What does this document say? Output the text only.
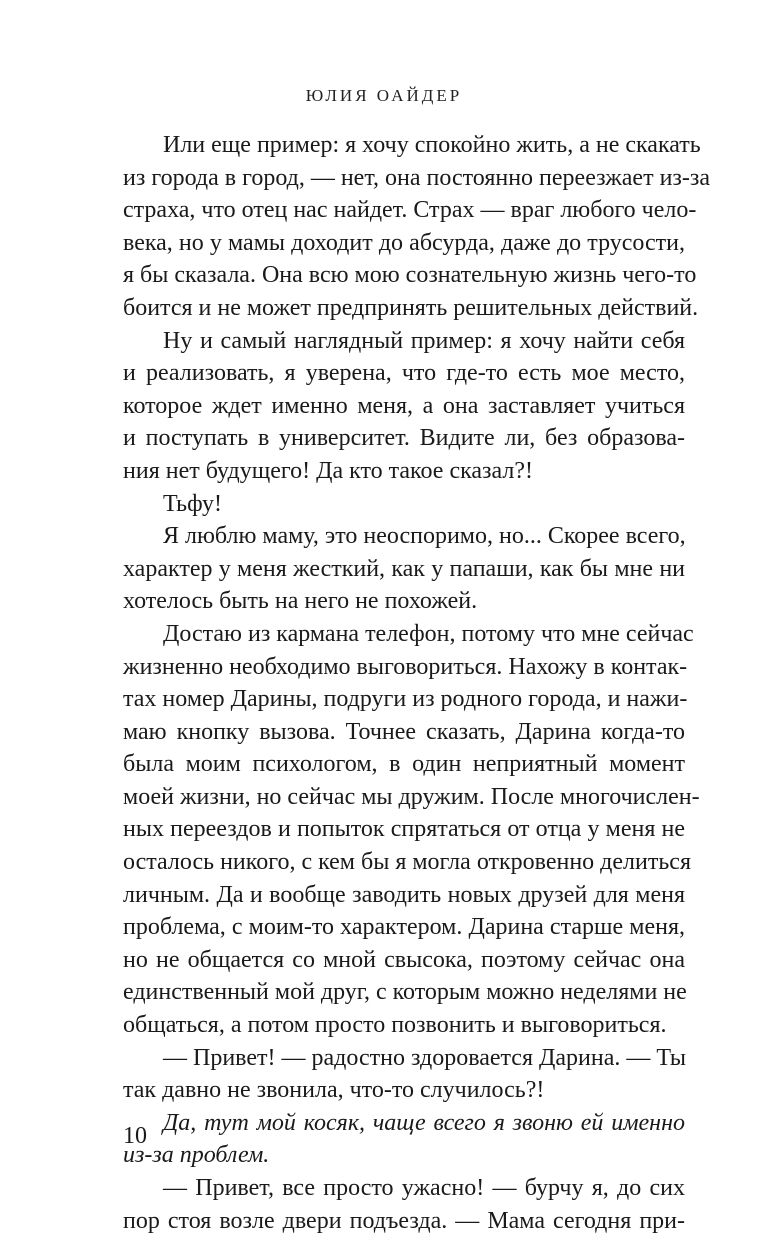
ЮЛИЯ ОАЙДЕР
Или еще пример: я хочу спокойно жить, а не скакать
из города в город, — нет, она постоянно переезжает из-за
страха, что отец нас найдет. Страх — враг любого чело-
века, но у мамы доходит до абсурда, даже до трусости,
я бы сказала. Она всю мою сознательную жизнь чего-то
боится и не может предпринять решительных действий.
Ну и самый наглядный пример: я хочу найти себя
и реализовать, я уверена, что где-то есть мое место,
которое ждет именно меня, а она заставляет учиться
и поступать в университет. Видите ли, без образова-
ния нет будущего! Да кто такое сказал?!
Тьфу!
Я люблю маму, это неоспоримо, но... Скорее всего,
характер у меня жесткий, как у папаши, как бы мне ни
хотелось быть на него не похожей.
Достаю из кармана телефон, потому что мне сейчас
жизненно необходимо выговориться. Нахожу в контак-
тах номер Дарины, подруги из родного города, и нажи-
маю кнопку вызова. Точнее сказать, Дарина когда-то
была моим психологом, в один неприятный момент
моей жизни, но сейчас мы дружим. После многочислен-
ных переездов и попыток спрятаться от отца у меня не
осталось никого, с кем бы я могла откровенно делиться
личным. Да и вообще заводить новых друзей для меня
проблема, с моим-то характером. Дарина старше меня,
но не общается со мной свысока, поэтому сейчас она
единственный мой друг, с которым можно неделями не
общаться, а потом просто позвонить и выговориться.
— Привет! — радостно здоровается Дарина. — Ты
так давно не звонила, что-то случилось?!
Да, тут мой косяк, чаще всего я звоню ей именно
из-за проблем.
— Привет, все просто ужасно! — бурчу я, до сих
пор стоя возле двери подъезда. — Мама сегодня при-
10
